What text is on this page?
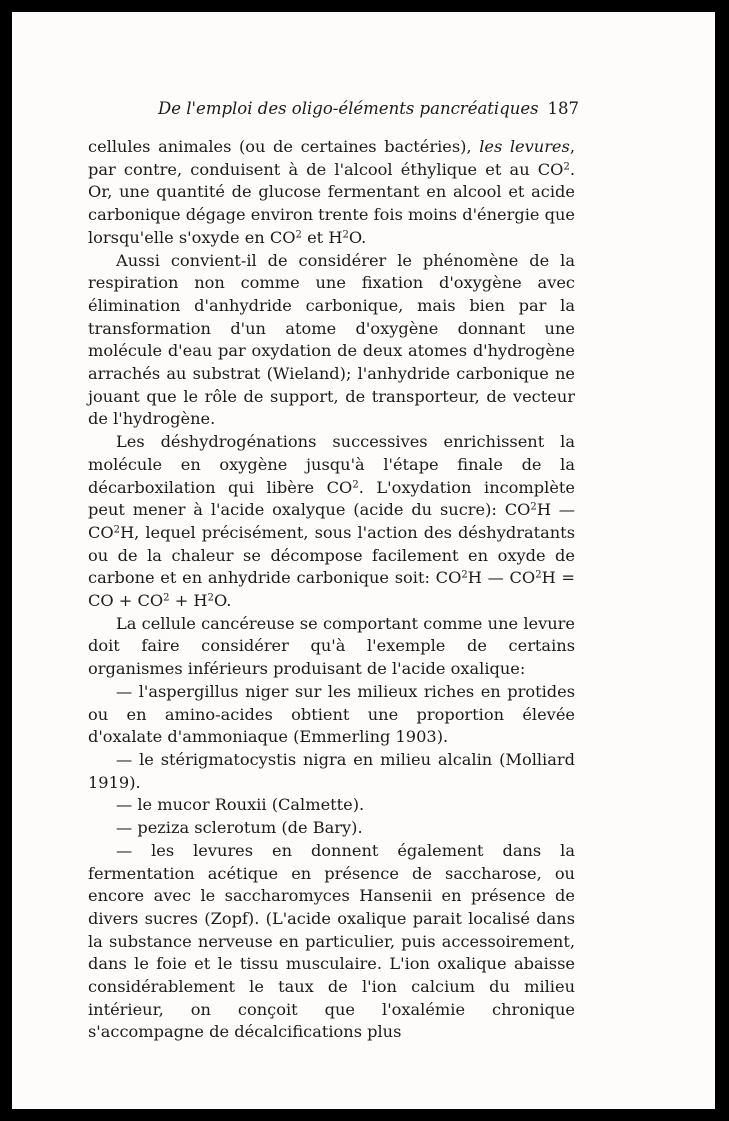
De l'emploi des oligo-éléments pancréatiques 187

cellules animales (ou de certaines bactéries), les levures, par contre, conduisent à de l'alcool éthylique et au $CO^2$. Or, une quantité de glucose fermentant en alcool et acide carbonique dégage environ trente fois moins d'énergie que lorsqu'elle s'oxyde en $CO^2$ et $H^2O$.

Aussi convient-il de considérer le phénomène de la respiration non comme une fixation d'oxygène avec élimination d'anhydride carbonique, mais bien par la transformation d'un atome d'oxygène donnant une molécule d'eau par oxydation de deux atomes d'hydrogène arrachés au substrat (Wieland); l'anhydride carbonique ne jouant que le rôle de support, de transporteur, de vecteur de l'hydrogène.

Les déshydrogénations successives enrichissent la molécule en oxygène jusqu'à l'étape finale de la décarboxilation qui libère $CO^2$. L'oxydation incomplète peut mener à l'acide oxalyque (acide du sucre): $CO^2H$ — $CO^2H$, lequel précisément, sous l'action des déshydratants ou de la chaleur se décompose facilement en oxyde de carbone et en anhydride carbonique soit: $CO^2H$ — $CO^2H$ = CO + $CO^2 + H^2O$.

La cellule cancéreuse se comportant comme une levure doit faire considérer qu'à l'exemple de certains organismes inférieurs produisant de l'acide oxalique:

— l'aspergillus niger sur les milieux riches en protides ou en amino-acides obtient une proportion élevée d'oxalate d'ammoniaque (Emmerling 1903).

— le stérigmatocystis nigra en milieu alcalin (Molliard 1919).

— le mucor Rouxii (Calmette).

— peziza sclerotum (de Bary).

— les levures en donnent également dans la fermentation acétique en présence de saccharose, ou encore avec le saccharomyces Hansenii en présence de divers sucres (Zopf). (L'acide oxalique parait localisé dans la substance nerveuse en particulier, puis accessoirement, dans le foie et le tissu musculaire. L'ion oxalique abaisse considérablement le taux de l'ion calcium du milieu intérieur, on conçoit que l'oxalémie chronique s'accompagne de décalcifications plus
